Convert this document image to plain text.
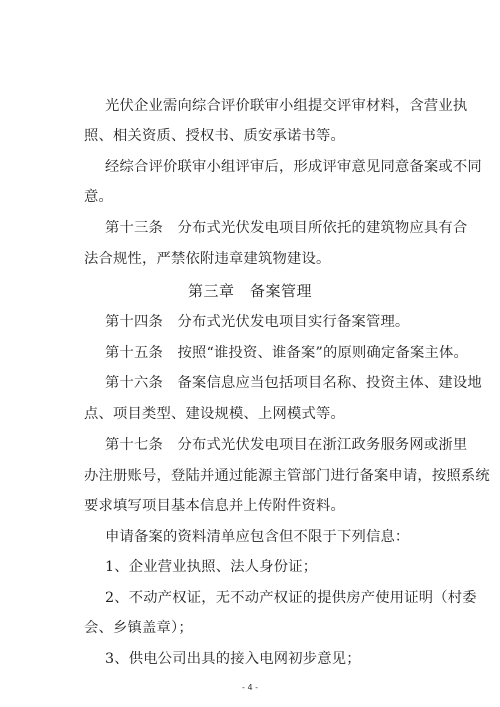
光伏企业需向综合评价联审小组提交评审材料，含营业执
照、相关资质、授权书、质安承诺书等。
经综合评价联审小组评审后，形成评审意见同意备案或不同
意。
第十三条　分布式光伏发电项目所依托的建筑物应具有合
法合规性，严禁依附违章建筑物建设。
第三章　备案管理
第十四条　分布式光伏发电项目实行备案管理。
第十五条　按照“谁投资、谁备案”的原则确定备案主体。
第十六条　备案信息应当包括项目名称、投资主体、建设地
点、项目类型、建设规模、上网模式等。
第十七条　分布式光伏发电项目在浙江政务服务网或浙里
办注册账号，登陆并通过能源主管部门进行备案申请，按照系统
要求填写项目基本信息并上传附件资料。
申请备案的资料清单应包含但不限于下列信息：
1、企业营业执照、法人身份证；
2、不动产权证，无不动产权证的提供房产使用证明（村委
会、乡镇盖章）；
3、供电公司出具的接入电网初步意见；
- 4 -
